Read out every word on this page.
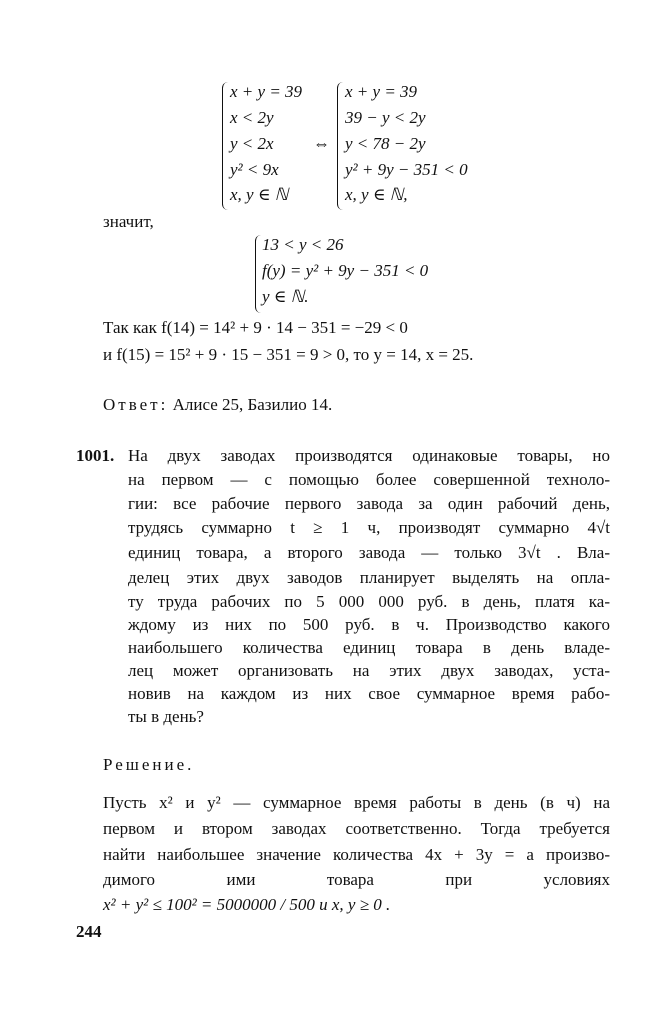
x + y = 39
x < 2y
y < 2x
y² < 9x
x, y ∈ ℕ
⇔
x + y = 39
39 − y < 2y
y < 78 − 2y
y² + 9y − 351 < 0
x, y ∈ ℕ,
значит,
13 < y < 26
f(y) = y² + 9y − 351 < 0
y ∈ ℕ.
Так как f(14) = 14² + 9 · 14 − 351 = −29 < 0
и f(15) = 15² + 9 · 15 − 351 = 9 > 0, то y = 14, x = 25.
Ответ: Алисе 25, Базилио 14.
1001. На двух заводах производятся одинаковые товары, но
на первом — с помощью более совершенной техноло-
гии: все рабочие первого завода за один рабочий день,
трудясь суммарно t ≥ 1 ч, производят суммарно 4√t
единиц товара, а второго завода — только 3√t . Вла-
делец этих двух заводов планирует выделять на опла-
ту труда рабочих по 5 000 000 руб. в день, платя ка-
ждому из них по 500 руб. в ч. Производство какого
наибольшего количества единиц товара в день владе-
лец может организовать на этих двух заводах, уста-
новив на каждом из них свое суммарное время рабо-
ты в день?
Решение.
Пусть x² и y² — суммарное время работы в день (в ч) на
первом и втором заводах соответственно. Тогда требуется
найти наибольшее значение количества 4x + 3y = a произво-
димого ими товара при условиях
x² + y² ≤ 100² = 5000000 / 500 и x, y ≥ 0 .
244
